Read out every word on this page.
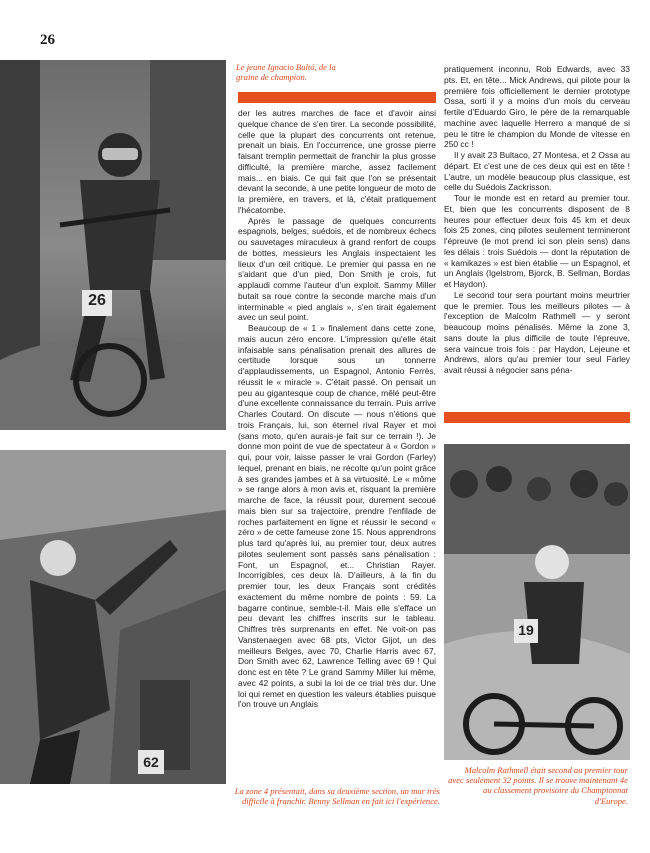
26
26
62
19
Le jeune Ignacio Bultó, de la graine de champion.
La zone 4 présentait, dans sa deuxième section, un mur très difficile à franchir. Benny Sellman en fait ici l'expérience.
Malcolm Rathmell était second au premier tour avec seulement 32 points. Il se trouve maintenant 4e au classement provisoire du Championnat d'Europe.

der les autres marches de face et d'avoir ainsi quelque chance de s'en tirer. La seconde possibilité, celle que la plupart des concurrents ont retenue, prenait un biais. En l'occurrence, une grosse pierre faisant tremplin permettait de franchir la plus grosse difficulté, la première marche, assez facilement mais... en biais. Ce qui fait que l'on se présentait devant la seconde, à une petite longueur de moto de la première, en travers, et là, c'était pratiquement l'hécatombe.

Après le passage de quelques concurrents espagnols, belges, suédois, et de nombreux échecs ou sauvetages miraculeux à grand renfort de coups de bottes, messieurs les Anglais inspectaient les lieux d'un œil critique. Le premier qui passa en ne s'aidant que d'un pied, Don Smith je crois, fut applaudi comme l'auteur d'un exploit. Sammy Miller butait sa roue contre la seconde marche mais d'un interminable « pied anglais », s'en tirait également avec un seul point.

Beaucoup de « 1 » finalement dans cette zone, mais aucun zéro encore. L'impression qu'elle était infaisable sans pénalisation prenait des allures de certitude lorsque sous un tonnerre d'applaudissements, un Espagnol, Antonio Ferrès, réussit le « miracle ». C'était passé. On pensait un peu au gigantesque coup de chance, mêlé peut-être d'une excellente connaissance du terrain. Puis arrive Charles Coutard. On discute — nous n'étions que trois Français, lui, son éternel rival Rayer et moi (sans moto, qu'en aurais-je fait sur ce terrain !). Je donne mon point de vue de spectateur à « Gordon » qui, pour voir, laisse passer le vrai Gordon (Farley) lequel, prenant en biais, ne récolte qu'un point grâce à ses grandes jambes et à sa virtuosité. Le « môme » se range alors à mon avis et, risquant la première marche de face, la réussit pour, durement secoué mais bien sur sa trajectoire, prendre l'enfilade de roches parfaitement en ligne et réussir le second « zéro » de cette fameuse zone 15. Nous apprendrons plus tard qu'après lui, au premier tour, deux autres pilotes seulement sont passés sans pénalisation : Font, un Espagnol, et... Christian Rayer. Incorrigibles, ces deux là. D'ailleurs, à la fin du premier tour, les deux Français sont crédités exactement du même nombre de points : 59. La bagarre continue, semble-t-il. Mais elle s'efface un peu devant les chiffres inscrits sur le tableau. Chiffres très surprenants en effet. Ne voit-on pas Vanstenaegen avec 68 pts, Victor Gijot, un des meilleurs Belges, avec 70, Charlie Harris avec 67, Don Smith avec 62, Lawrence Telling avec 69 ! Qui donc est en tête ? Le grand Sammy Miller lui même, avec 42 points, a subi la loi de ce trial très dur. Une loi qui remet en question les valeurs établies puisque l'on trouve un Anglais

pratiquement inconnu, Rob Edwards, avec 33 pts. Et, en tête... Mick Andrews, qui pilote pour la première fois officiellement le dernier prototype Ossa, sorti il y a moins d'un mois du cerveau fertile d'Eduardo Giro, le père de la remarquable machine avec laquelle Herrero a manqué de si peu le titre le champion du Monde de vitesse en 250 cc !

Il y avait 23 Bultaco, 27 Montesa, et 2 Ossa au départ. Et c'est une de ces deux qui est en tête ! L'autre, un modèle beaucoup plus classique, est celle du Suédois Zackrisson.

Tour le monde est en retard au premier tour. Et, bien que les concurrents disposent de 8 heures pour effectuer deux fois 45 km et deux fois 25 zones, cinq pilotes seulement termineront l'épreuve (le mot prend ici son plein sens) dans les délais : trois Suédois — dont la réputation de « kamikazes » est bien établie — un Espagnol, et un Anglais (Igelstrom, Bjorck, B. Sellman, Bordas et Haydon).

Le second tour sera pourtant moins meurtrier que le premier. Tous les meilleurs pilotes — à l'exception de Malcolm Rathmell — y seront beaucoup moins pénalisés. Même la zone 3, sans doute la plus difficile de toute l'épreuve, sera vaincue trois fois : par Haydon, Lejeune et Andrews, alors qu'au premier tour seul Farley avait réussi à négocier sans péna-
